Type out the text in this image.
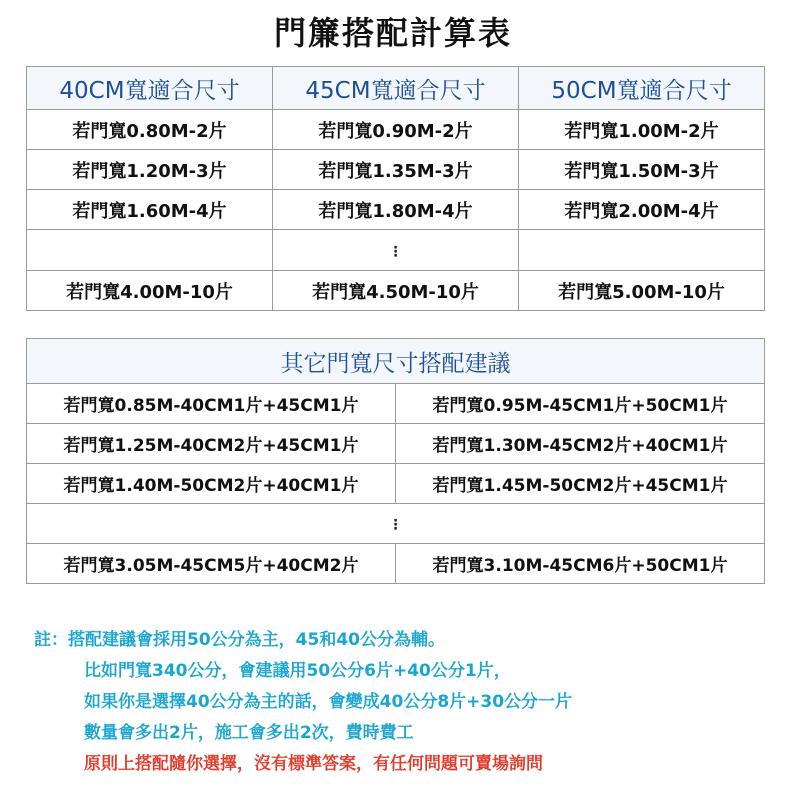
門簾搭配計算表
40CM寬適合尺寸	45CM寬適合尺寸	50CM寬適合尺寸
若門寬0.80M-2片	若門寬0.90M-2片	若門寬1.00M-2片
若門寬1.20M-3片	若門寬1.35M-3片	若門寬1.50M-3片
若門寬1.60M-4片	若門寬1.80M-4片	若門寬2.00M-4片
	⋮	
若門寬4.00M-10片	若門寬4.50M-10片	若門寬5.00M-10片
其它門寬尺寸搭配建議	
若門寬0.85M-40CM1片+45CM1片	若門寬0.95M-45CM1片+50CM1片
若門寬1.25M-40CM2片+45CM1片	若門寬1.30M-45CM2片+40CM1片
若門寬1.40M-50CM2片+40CM1片	若門寬1.45M-50CM2片+45CM1片
⋮	
若門寬3.05M-45CM5片+40CM2片	若門寬3.10M-45CM6片+50CM1片
註：搭配建議會採用50公分為主，45和40公分為輔。
比如門寬340公分，會建議用50公分6片+40公分1片，
如果你是選擇40公分為主的話，會變成40公分8片+30公分一片
數量會多出2片，施工會多出2次，費時費工
原則上搭配隨你選擇，沒有標準答案，有任何問題可賣場詢問
